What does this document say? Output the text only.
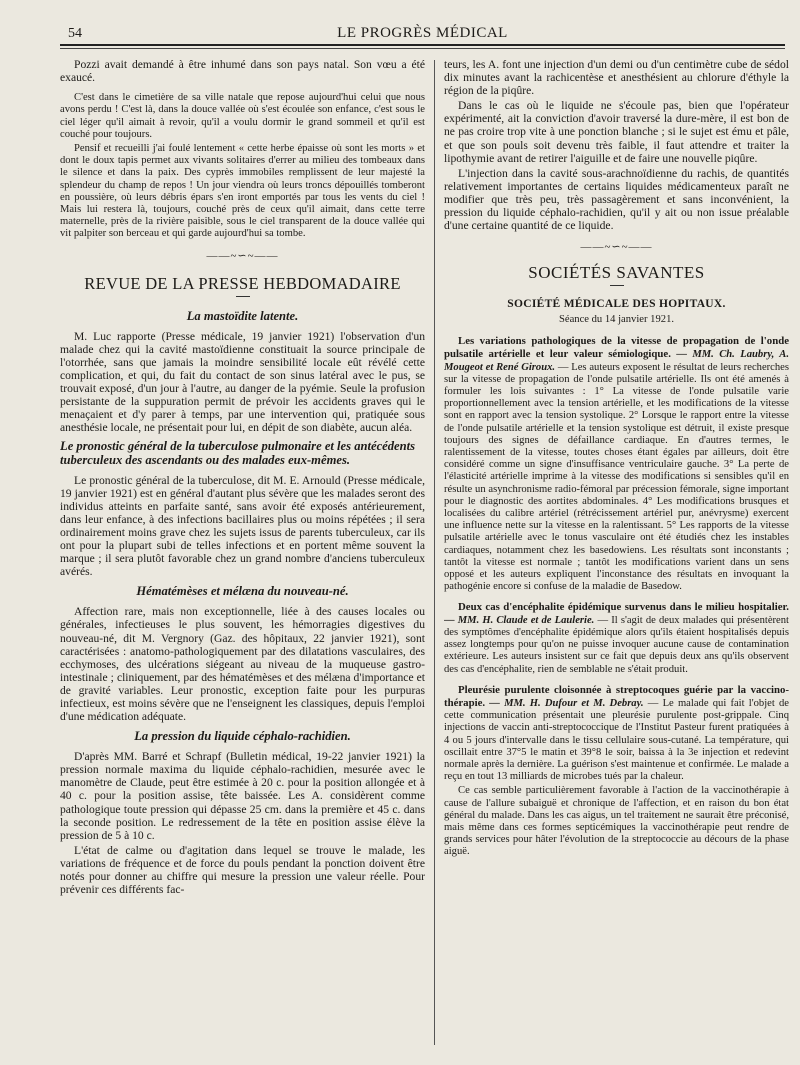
54	LE PROGRÈS MÉDICAL

Pozzi avait demandé à être inhumé dans son pays natal. Son vœu a été exaucé.

C'est dans le cimetière de sa ville natale que repose aujourd'hui celui que nous avons perdu ! C'est là, dans la douce vallée où s'est écoulée son enfance, c'est sous le ciel léger qu'il aimait à revoir, qu'il a voulu dormir le grand sommeil et qu'il est couché pour toujours.

Pensif et recueilli j'ai foulé lentement « cette herbe épaisse où sont les morts » et dont le doux tapis permet aux vivants solitaires d'errer au milieu des tombeaux dans le silence et dans la paix. Des cyprès immobiles remplissent de leur majesté la splendeur du champ de repos ! Un jour viendra où leurs troncs dépouillés tomberont en poussière, où leurs débris épars s'en iront emportés par tous les vents du ciel ! Mais lui restera là, toujours, couché près de ceux qu'il aimait, dans cette terre maternelle, près de la rivière paisible, sous le ciel transparent de la douce vallée qui vit palpiter son berceau et qui garde aujourd'hui sa tombe.

——~∽~——
REVUE DE LA PRESSE HEBDOMADAIRE
La mastoïdite latente.

M. Luc rapporte (Presse médicale, 19 janvier 1921) l'observation d'un malade chez qui la cavité mastoïdienne constituait la source principale de l'otorrhée, sans que jamais la moindre sensibilité locale eût révélé cette complication, et qui, du fait du contact de son sinus latéral avec le pus, se trouvait exposé, d'un jour à l'autre, au danger de la pyémie. Seule la profusion persistante de la suppuration permit de prévoir les accidents graves qui le menaçaient et d'y parer à temps, par une intervention qui, pratiquée sous anesthésie locale, ne présentait pour lui, en dépit de son diabète, aucun aléa.

Le pronostic général de la tuberculose pulmonaire et les antécédents tuberculeux des ascendants ou des malades eux-mêmes.

Le pronostic général de la tuberculose, dit M. E. Arnould (Presse médicale, 19 janvier 1921) est en général d'autant plus sévère que les malades seront des individus atteints en parfaite santé, sans avoir été exposés antérieurement, dans leur enfance, à des infections bacillaires plus ou moins répétées ; il sera ordinairement moins grave chez les sujets issus de parents tuberculeux, car ils ont pour la plupart subi de telles infections et en portent même souvent la marque ; il sera plutôt favorable chez un grand nombre d'anciens tuberculeux avérés.

Hématémèses et mélæna du nouveau-né.

Affection rare, mais non exceptionnelle, liée à des causes locales ou générales, infectieuses le plus souvent, les hémorragies digestives du nouveau-né, dit M. Vergnory (Gaz. des hôpitaux, 22 janvier 1921), sont caractérisées : anatomo-pathologiquement par des dilatations vasculaires, des ecchymoses, des ulcérations siégeant au niveau de la muqueuse gastro-intestinale ; cliniquement, par des hématémèses et des mélæna d'importance et de gravité variables. Leur pronostic, exception faite pour les purpuras infectieux, est moins sévère que ne l'enseignent les classiques, depuis l'emploi d'une médication adéquate.

La pression du liquide céphalo-rachidien.

D'après MM. Barré et Schrapf (Bulletin médical, 19-22 janvier 1921) la pression normale maxima du liquide céphalo-rachidien, mesurée avec le manomètre de Claude, peut être estimée à 20 c. pour la position allongée et à 40 c. pour la position assise, tête baissée. Les A. considèrent comme pathologique toute pression qui dépasse 25 cm. dans la première et 45 c. dans la seconde position. Le redressement de la tête en position assise élève la pression de 5 à 10 c.

L'état de calme ou d'agitation dans lequel se trouve le malade, les variations de fréquence et de force du pouls pendant la ponction doivent être notés pour donner au chiffre qui mesure la pression une valeur réelle. Pour prévenir ces différents fac-

teurs, les A. font une injection d'un demi ou d'un centimètre cube de sédol dix minutes avant la rachicentèse et anesthésient au chlorure d'éthyle la région de la piqûre.

Dans le cas où le liquide ne s'écoule pas, bien que l'opérateur expérimenté, ait la conviction d'avoir traversé la dure-mère, il est bon de ne pas croire trop vite à une ponction blanche ; si le sujet est ému et pâle, et que son pouls soit devenu très faible, il faut attendre et traiter la lipothymie avant de retirer l'aiguille et de faire une nouvelle piqûre.

L'injection dans la cavité sous-arachnoïdienne du rachis, de quantités relativement importantes de certains liquides médicamenteux paraît ne modifier que très peu, très passagèrement et sans inconvénient, la pression du liquide céphalo-rachidien, qu'il y ait ou non issue préalable d'une certaine quantité de ce liquide.

——~∽~——
SOCIÉTÉS SAVANTES
SOCIÉTÉ MÉDICALE DES HOPITAUX.
Séance du 14 janvier 1921.

Les variations pathologiques de la vitesse de propagation de l'onde pulsatile artérielle et leur valeur sémiologique. — MM. Ch. Laubry, A. Mougeot et René Giroux. — Les auteurs exposent le résultat de leurs recherches sur la vitesse de propagation de l'onde pulsatile artérielle. Ils ont été amenés à formuler les lois suivantes : 1° La vitesse de l'onde pulsatile varie proportionnellement avec la tension artérielle, et les modifications de la vitesse sont en rapport avec la tension systolique. 2° Lorsque le rapport entre la vitesse de l'onde pulsatile artérielle et la tension systolique est détruit, il existe presque toujours des signes de défaillance cardiaque. En d'autres termes, le ralentissement de la vitesse, toutes choses étant égales par ailleurs, doit être considéré comme un signe d'insuffisance ventriculaire gauche. 3° La perte de l'élasticité artérielle imprime à la vitesse des modifications si sensibles qu'il en résulte un asynchronisme radio-fémoral par précession fémorale, signe important pour le diagnostic des aortites abdominales. 4° Les modifications brusques et localisées du calibre artériel (rétrécissement artériel pur, anévrysme) exercent une influence nette sur la vitesse en la ralentissant. 5° Les rapports de la vitesse pulsatile artérielle avec le tonus vasculaire ont été étudiés chez les instables cardiaques, notamment chez les basedowiens. Les résultats sont inconstants ; tantôt la vitesse est normale ; tantôt les modifications varient dans un sens opposé et les auteurs expliquent l'inconstance des résultats en invoquant la pathogénie encore si confuse de la maladie de Basedow.

Deux cas d'encéphalite épidémique survenus dans le milieu hospitalier. — MM. H. Claude et de Laulerie. — Il s'agit de deux malades qui présentèrent des symptômes d'encéphalite épidémique alors qu'ils étaient hospitalisés depuis assez longtemps pour qu'on ne puisse invoquer aucune cause de contamination extérieure. Les auteurs insistent sur ce fait que depuis deux ans qu'ils observent des cas d'encéphalite, rien de semblable ne s'était produit.

Pleurésie purulente cloisonnée à streptocoques guérie par la vaccino-thérapie. — MM. H. Dufour et M. Debray. — Le malade qui fait l'objet de cette communication présentait une pleurésie purulente post-grippale. Cinq injections de vaccin anti-streptococcique de l'Institut Pasteur furent pratiquées à 4 ou 5 jours d'intervalle dans le tissu cellulaire sous-cutané. La température, qui oscillait entre 37°5 le matin et 39°8 le soir, baissa à la 3e injection et redevint normale après la dernière. La guérison s'est maintenue et confirmée. Le malade a reçu en tout 13 milliards de microbes tués par la chaleur.

Ce cas semble particulièrement favorable à l'action de la vaccinothérapie à cause de l'allure subaiguë et chronique de l'affection, et en raison du bon état général du malade. Dans les cas aigus, un tel traitement ne saurait être préconisé, mais même dans ces formes septicémiques la vaccinothérapie peut rendre de grands services pour hâter l'évolution de la streptococcie au décours de la phase aiguë.
